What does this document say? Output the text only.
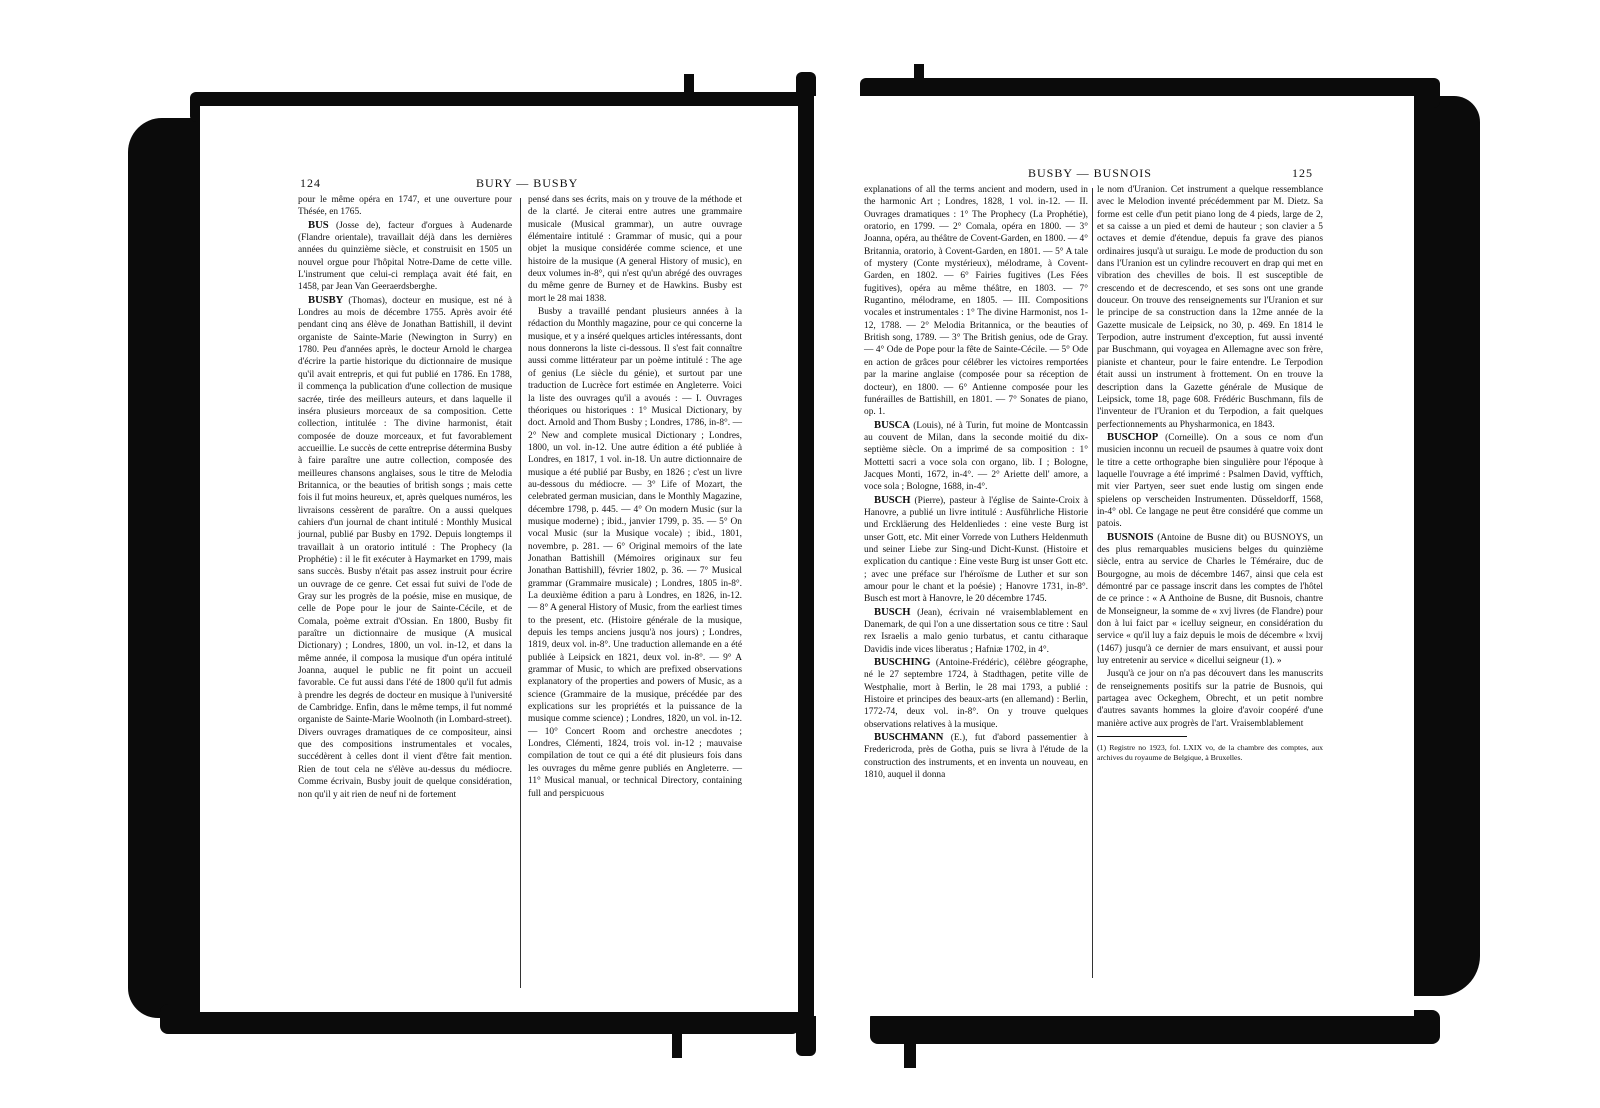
124	BURY — BUSBY

pour le même opéra en 1747, et une ouverture pour Thésée, en 1765.

BUS (Josse de), facteur d'orgues à Audenarde (Flandre orientale), travaillait déjà dans les dernières années du quinzième siècle, et construisit en 1505 un nouvel orgue pour l'hôpital Notre-Dame de cette ville. L'instrument que celui-ci remplaça avait été fait, en 1458, par Jean Van Geeraerdsberghe.

BUSBY (Thomas), docteur en musique, est né à Londres au mois de décembre 1755. Après avoir été pendant cinq ans élève de Jonathan Battishill, il devint organiste de Sainte-Marie (Newington in Surry) en 1780. Peu d'années après, le docteur Arnold le chargea d'écrire la partie historique du dictionnaire de musique qu'il avait entrepris, et qui fut publié en 1786. En 1788, il commença la publication d'une collection de musique sacrée, tirée des meilleurs auteurs, et dans laquelle il inséra plusieurs morceaux de sa composition. Cette collection, intitulée : The divine harmonist, était composée de douze morceaux, et fut favorablement accueillie. Le succès de cette entreprise détermina Busby à faire paraître une autre collection, composée des meilleures chansons anglaises, sous le titre de Melodia Britannica, or the beauties of british songs ; mais cette fois il fut moins heureux, et, après quelques numéros, les livraisons cessèrent de paraître. On a aussi quelques cahiers d'un journal de chant intitulé : Monthly Musical journal, publié par Busby en 1792. Depuis longtemps il travaillait à un oratorio intitulé : The Prophecy (la Prophétie) : il le fit exécuter à Haymarket en 1799, mais sans succès. Busby n'était pas assez instruit pour écrire un ouvrage de ce genre. Cet essai fut suivi de l'ode de Gray sur les progrès de la poésie, mise en musique, de celle de Pope pour le jour de Sainte-Cécile, et de Comala, poème extrait d'Ossian. En 1800, Busby fit paraître un dictionnaire de musique (A musical Dictionary) ; Londres, 1800, un vol. in-12, et dans la même année, il composa la musique d'un opéra intitulé Joanna, auquel le public ne fit point un accueil favorable. Ce fut aussi dans l'été de 1800 qu'il fut admis à prendre les degrés de docteur en musique à l'université de Cambridge. Enfin, dans le même temps, il fut nommé organiste de Sainte-Marie Woolnoth (in Lombard-street). Divers ouvrages dramatiques de ce compositeur, ainsi que des compositions instrumentales et vocales, succédèrent à celles dont il vient d'être fait mention. Rien de tout cela ne s'élève au-dessus du médiocre. Comme écrivain, Busby jouit de quelque considération, non qu'il y ait rien de neuf ni de fortement

pensé dans ses écrits, mais on y trouve de la méthode et de la clarté. Je citerai entre autres une grammaire musicale (Musical grammar), un autre ouvrage élémentaire intitulé : Grammar of music, qui a pour objet la musique considérée comme science, et une histoire de la musique (A general History of music), en deux volumes in-8°, qui n'est qu'un abrégé des ouvrages du même genre de Burney et de Hawkins. Busby est mort le 28 mai 1838.

Busby a travaillé pendant plusieurs années à la rédaction du Monthly magazine, pour ce qui concerne la musique, et y a inséré quelques articles intéressants, dont nous donnerons la liste ci-dessous. Il s'est fait connaître aussi comme littérateur par un poème intitulé : The age of genius (Le siècle du génie), et surtout par une traduction de Lucrèce fort estimée en Angleterre. Voici la liste des ouvrages qu'il a avoués : — I. Ouvrages théoriques ou historiques : 1° Musical Dictionary, by doct. Arnold and Thom Busby ; Londres, 1786, in-8°. — 2° New and complete musical Dictionary ; Londres, 1800, un vol. in-12. Une autre édition a été publiée à Londres, en 1817, 1 vol. in-18. Un autre dictionnaire de musique a été publié par Busby, en 1826 ; c'est un livre au-dessous du médiocre. — 3° Life of Mozart, the celebrated german musician, dans le Monthly Magazine, décembre 1798, p. 445. — 4° On modern Music (sur la musique moderne) ; ibid., janvier 1799, p. 35. — 5° On vocal Music (sur la Musique vocale) ; ibid., 1801, novembre, p. 281. — 6° Original memoirs of the late Jonathan Battishill (Mémoires originaux sur feu Jonathan Battishill), février 1802, p. 36. — 7° Musical grammar (Grammaire musicale) ; Londres, 1805 in-8°. La deuxième édition a paru à Londres, en 1826, in-12. — 8° A general History of Music, from the earliest times to the present, etc. (Histoire générale de la musique, depuis les temps anciens jusqu'à nos jours) ; Londres, 1819, deux vol. in-8°. Une traduction allemande en a été publiée à Leipsick en 1821, deux vol. in-8°. — 9° A grammar of Music, to which are prefixed observations explanatory of the properties and powers of Music, as a science (Grammaire de la musique, précédée par des explications sur les propriétés et la puissance de la musique comme science) ; Londres, 1820, un vol. in-12. — 10° Concert Room and orchestre anecdotes ; Londres, Clémenti, 1824, trois vol. in-12 ; mauvaise compilation de tout ce qui a été dit plusieurs fois dans les ouvrages du même genre publiés en Angleterre. — 11° Musical manual, or technical Directory, containing full and perspicuous

BUSBY — BUSNOIS	125

explanations of all the terms ancient and modern, used in the harmonic Art ; Londres, 1828, 1 vol. in-12. — II. Ouvrages dramatiques : 1° The Prophecy (La Prophétie), oratorio, en 1799. — 2° Comala, opéra en 1800. — 3° Joanna, opéra, au théâtre de Covent-Garden, en 1800. — 4° Britannia, oratorio, à Covent-Garden, en 1801. — 5° A tale of mystery (Conte mystérieux), mélodrame, à Covent-Garden, en 1802. — 6° Fairies fugitives (Les Fées fugitives), opéra au même théâtre, en 1803. — 7° Rugantino, mélodrame, en 1805. — III. Compositions vocales et instrumentales : 1° The divine Harmonist, nos 1-12, 1788. — 2° Melodia Britannica, or the beauties of British song, 1789. — 3° The British genius, ode de Gray. — 4° Ode de Pope pour la fête de Sainte-Cécile. — 5° Ode en action de grâces pour célébrer les victoires remportées par la marine anglaise (composée pour sa réception de docteur), en 1800. — 6° Antienne composée pour les funérailles de Battishill, en 1801. — 7° Sonates de piano, op. 1.

BUSCA (Louis), né à Turin, fut moine de Montcassin au couvent de Milan, dans la seconde moitié du dix-septième siècle. On a imprimé de sa composition : 1° Mottetti sacri a voce sola con organo, lib. I ; Bologne, Jacques Monti, 1672, in-4°. — 2° Ariette dell' amore, a voce sola ; Bologne, 1688, in-4°.

BUSCH (Pierre), pasteur à l'église de Sainte-Croix à Hanovre, a publié un livre intitulé : Ausführliche Historie und Erckläerung des Heldenliedes : eine veste Burg ist unser Gott, etc. Mit einer Vorrede von Luthers Heldenmuth und seiner Liebe zur Sing-und Dicht-Kunst. (Histoire et explication du cantique : Eine veste Burg ist unser Gott etc. ; avec une préface sur l'héroïsme de Luther et sur son amour pour le chant et la poésie) ; Hanovre 1731, in-8°. Busch est mort à Hanovre, le 20 décembre 1745.

BUSCH (Jean), écrivain né vraisemblablement en Danemark, de qui l'on a une dissertation sous ce titre : Saul rex Israelis a malo genio turbatus, et cantu citharaque Davidis inde vices liberatus ; Hafniæ 1702, in 4°.

BUSCHING (Antoine-Frédéric), célèbre géographe, né le 27 septembre 1724, à Stadthagen, petite ville de Westphalie, mort à Berlin, le 28 mai 1793, a publié : Histoire et principes des beaux-arts (en allemand) : Berlin, 1772-74, deux vol. in-8°. On y trouve quelques observations relatives à la musique.

BUSCHMANN (E.), fut d'abord passementier à Fredericroda, près de Gotha, puis se livra à l'étude de la construction des instruments, et en inventa un nouveau, en 1810, auquel il donna

le nom d'Uranion. Cet instrument a quelque ressemblance avec le Melodion inventé précédemment par M. Dietz. Sa forme est celle d'un petit piano long de 4 pieds, large de 2, et sa caisse a un pied et demi de hauteur ; son clavier a 5 octaves et demie d'étendue, depuis fa grave des pianos ordinaires jusqu'à ut suraigu. Le mode de production du son dans l'Uranion est un cylindre recouvert en drap qui met en vibration des chevilles de bois. Il est susceptible de crescendo et de decrescendo, et ses sons ont une grande douceur. On trouve des renseignements sur l'Uranion et sur le principe de sa construction dans la 12me année de la Gazette musicale de Leipsick, no 30, p. 469. En 1814 le Terpodion, autre instrument d'exception, fut aussi inventé par Buschmann, qui voyagea en Allemagne avec son frère, pianiste et chanteur, pour le faire entendre. Le Terpodion était aussi un instrument à frottement. On en trouve la description dans la Gazette générale de Musique de Leipsick, tome 18, page 608. Frédéric Buschmann, fils de l'inventeur de l'Uranion et du Terpodion, a fait quelques perfectionnements au Physharmonica, en 1843.

BUSCHOP (Corneille). On a sous ce nom d'un musicien inconnu un recueil de psaumes à quatre voix dont le titre a cette orthographe bien singulière pour l'époque à laquelle l'ouvrage a été imprimé : Psalmen David, vyfftich, mit vier Partyen, seer suet ende lustig om singen ende spielens op verscheiden Instrumenten. Düsseldorff, 1568, in-4° obl. Ce langage ne peut être considéré que comme un patois.

BUSNOIS (Antoine de Busne dit) ou BUSNOYS, un des plus remarquables musiciens belges du quinzième siècle, entra au service de Charles le Téméraire, duc de Bourgogne, au mois de décembre 1467, ainsi que cela est démontré par ce passage inscrit dans les comptes de l'hôtel de ce prince : « A Anthoine de Busne, dit Busnois, chantre de Monseigneur, la somme de « xvj livres (de Flandre) pour don à lui faict par « icelluy seigneur, en considération du service « qu'il luy a faiz depuis le mois de décembre « lxvij (1467) jusqu'à ce dernier de mars ensuivant, et aussi pour luy entretenir au service « dicellui seigneur (1). »

Jusqu'à ce jour on n'a pas découvert dans les manuscrits de renseignements positifs sur la patrie de Busnois, qui partagea avec Ockeghem, Obrecht, et un petit nombre d'autres savants hommes la gloire d'avoir coopéré d'une manière active aux progrès de l'art. Vraisemblablement

(1) Registre no 1923, fol. LXIX vo, de la chambre des comptes, aux archives du royaume de Belgique, à Bruxelles.
